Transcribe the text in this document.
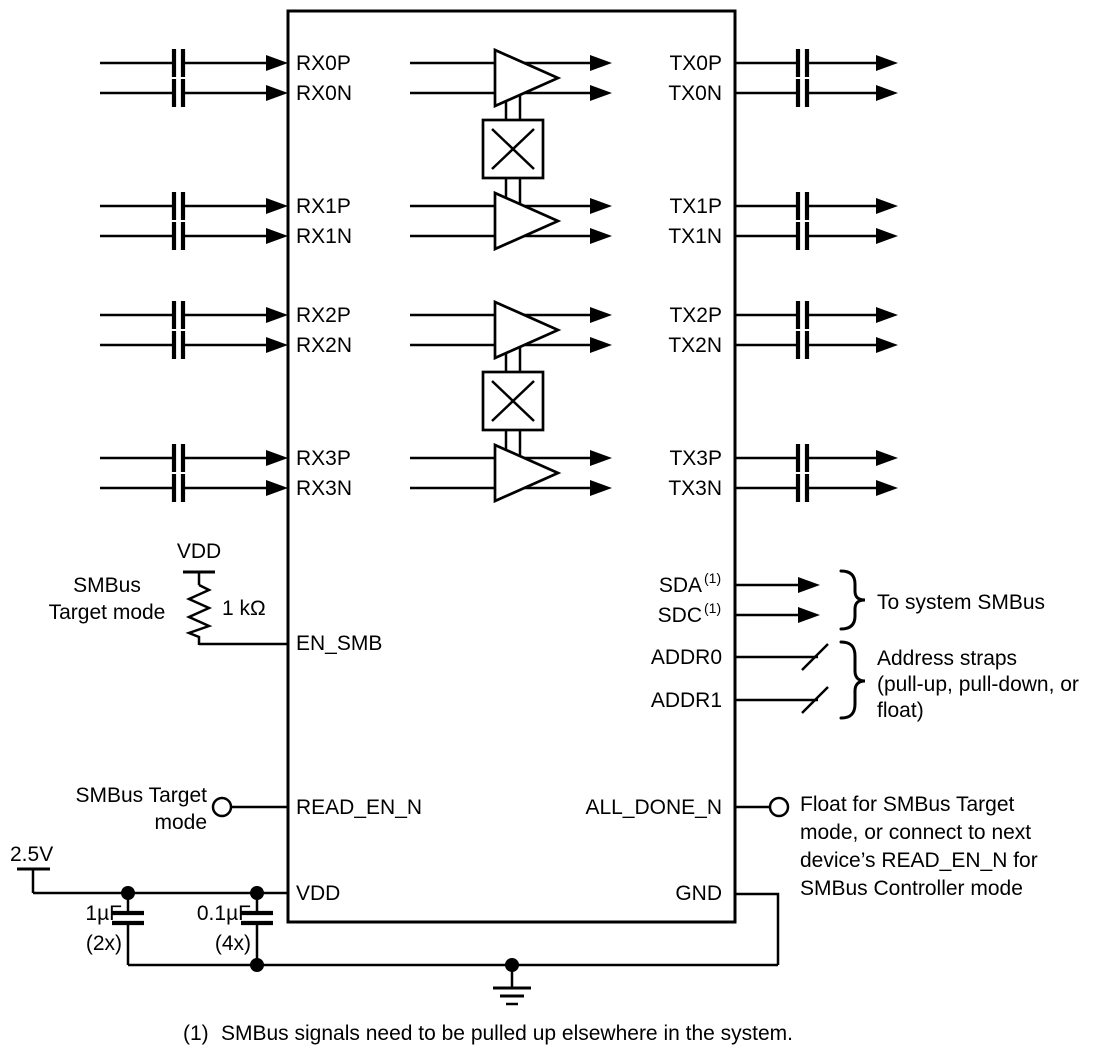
RX0P
RX0N
RX1P
RX1N
RX2P
RX2N
RX3P
RX3N
EN_SMB
READ_EN_N
VDD
TX0P
TX0N
TX1P
TX1N
TX2P
TX2N
TX3P
TX3N
SDA (1)
SDC (1)
ADDR0
ADDR1
ALL_DONE_N
GND
VDD
1 kΩ
SMBus
Target mode
SMBus Target
mode
2.5V
1µF
(2x)
0.1µF
(4x)
To system SMBus
Address straps
(pull-up, pull-down, or
float)
Float for SMBus Target
mode, or connect to next
device’s READ_EN_N for
SMBus Controller mode
(1) SMBus signals need to be pulled up elsewhere in the system.
